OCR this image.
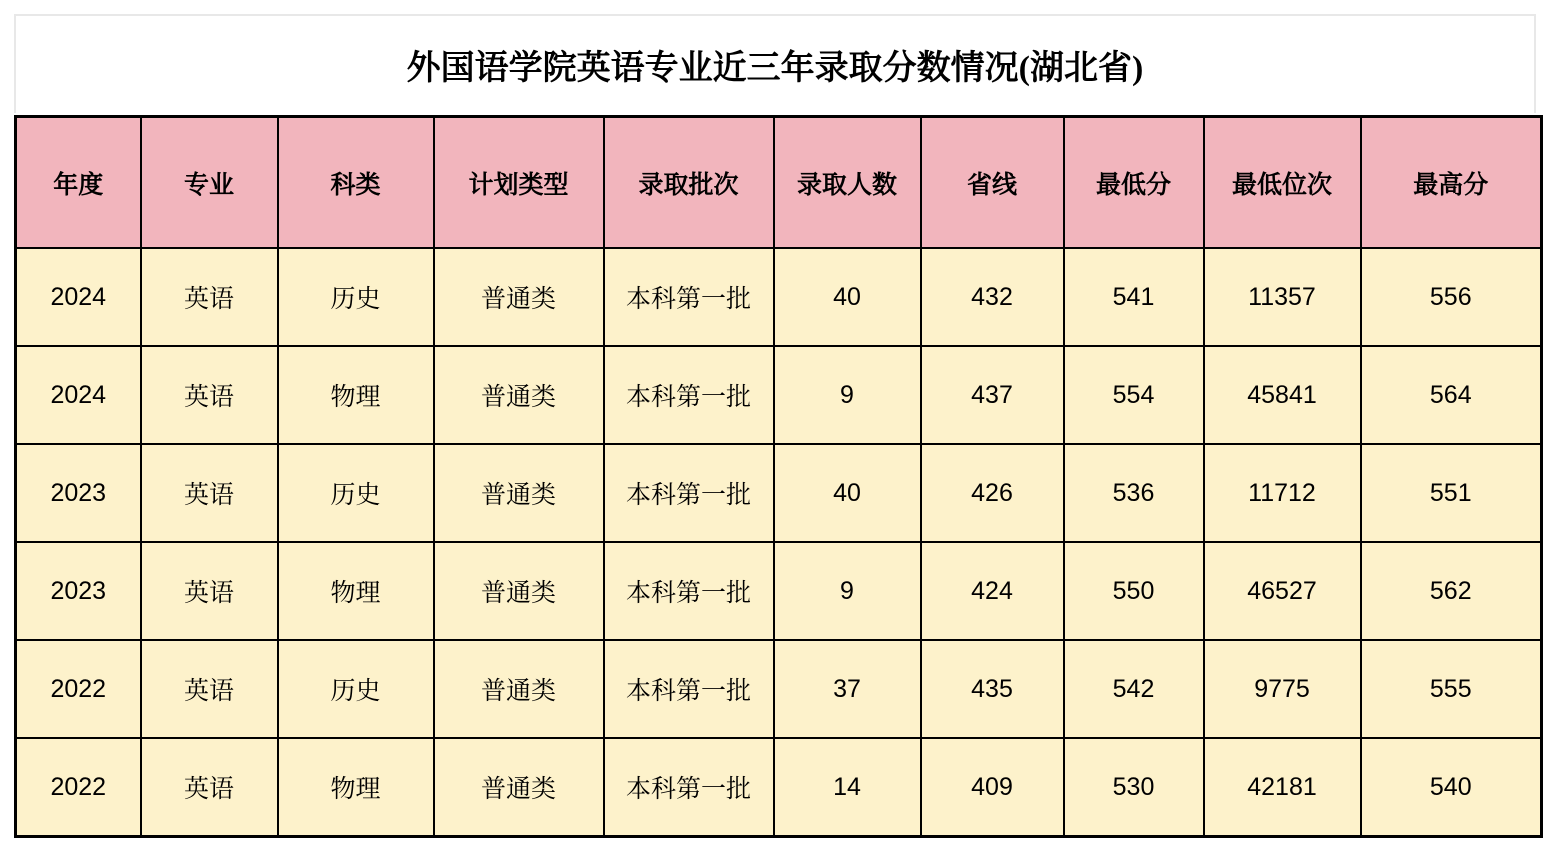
外国语学院英语专业近三年录取分数情况(湖北省)
年度	专业	科类	计划类型	录取批次	录取人数	省线	最低分	最低位次	最高分
2024	英语	历史	普通类	本科第一批	40	432	541	11357	556
2024	英语	物理	普通类	本科第一批	9	437	554	45841	564
2023	英语	历史	普通类	本科第一批	40	426	536	11712	551
2023	英语	物理	普通类	本科第一批	9	424	550	46527	562
2022	英语	历史	普通类	本科第一批	37	435	542	9775	555
2022	英语	物理	普通类	本科第一批	14	409	530	42181	540
